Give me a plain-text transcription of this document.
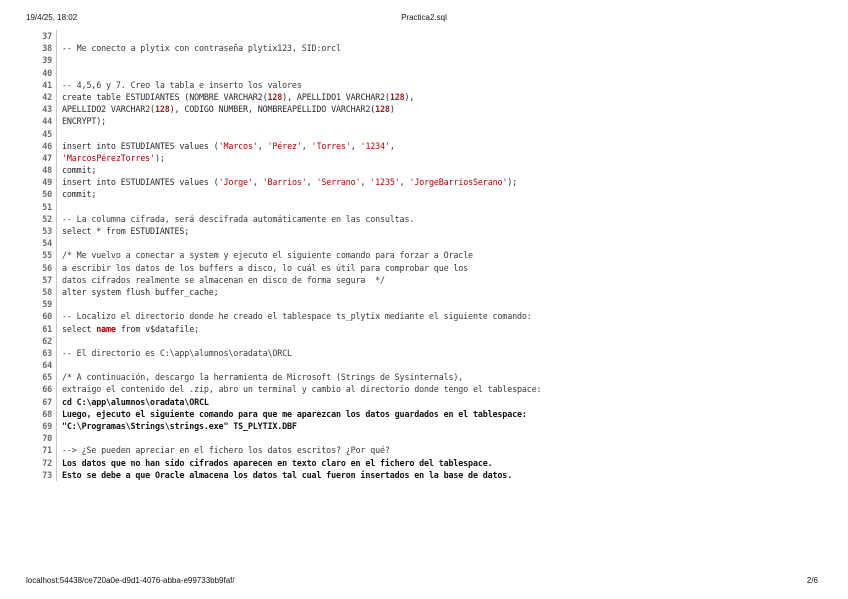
19/4/25, 18:02	Practica2.sql
37
38 -- Me conecto a plytix con contraseña plytix123, SID:orcl
39
40
41 -- 4,5,6 y 7. Creo la tabla e inserto los valores
42 create table ESTUDIANTES (NOMBRE VARCHAR2(128), APELLIDO1 VARCHAR2(128),
43 APELLIDO2 VARCHAR2(128), CODIGO NUMBER, NOMBREAPELLIDO VARCHAR2(128)
44 ENCRYPT);
45
46 insert into ESTUDIANTES values ('Marcos', 'Pérez', 'Torres', '1234',
47 'MarcosPérezTorres');
48 commit;
49 insert into ESTUDIANTES values ('Jorge', 'Barrios', 'Serrano', '1235', 'JorgeBarriosSerano');
50 commit;
51
52 -- La columna cifrada, será descifrada automáticamente en las consultas.
53 select * from ESTUDIANTES;
54
55 /* Me vuelvo a conectar a system y ejecuto el siguiente comando para forzar a Oracle
56 a escribir los datos de los buffers a disco, lo cuál es útil para comprobar que los
57 datos cifrados realmente se almacenan en disco de forma segura  */
58 alter system flush buffer_cache;
59
60 -- Localizo el directorio donde he creado el tablespace ts_plytix mediante el siguiente comando:
61 select name from v$datafile;
62
63 -- El directorio es C:\app\alumnos\oradata\ORCL
64
65 /* A continuación, descargo la herramienta de Microsoft (Strings de Sysinternals),
66 extraigo el contenido del .zip, abro un terminal y cambio al directorio donde tengo el tablespace:
67 cd C:\app\alumnos\oradata\ORCL
68 Luego, ejecuto el siguiente comando para que me aparezcan los datos guardados en el tablespace:
69 "C:\Programas\Strings\strings.exe" TS_PLYTIX.DBF
70
71 --> ¿Se pueden apreciar en el fichero los datos escritos? ¿Por qué?
72 Los datos que no han sido cifrados aparecen en texto claro en el fichero del tablespace.
73 Esto se debe a que Oracle almacena los datos tal cual fueron insertados en la base de datos.
localhost:54438/ce720a0e-d9d1-4076-abba-e99733bb9faf/	2/6
